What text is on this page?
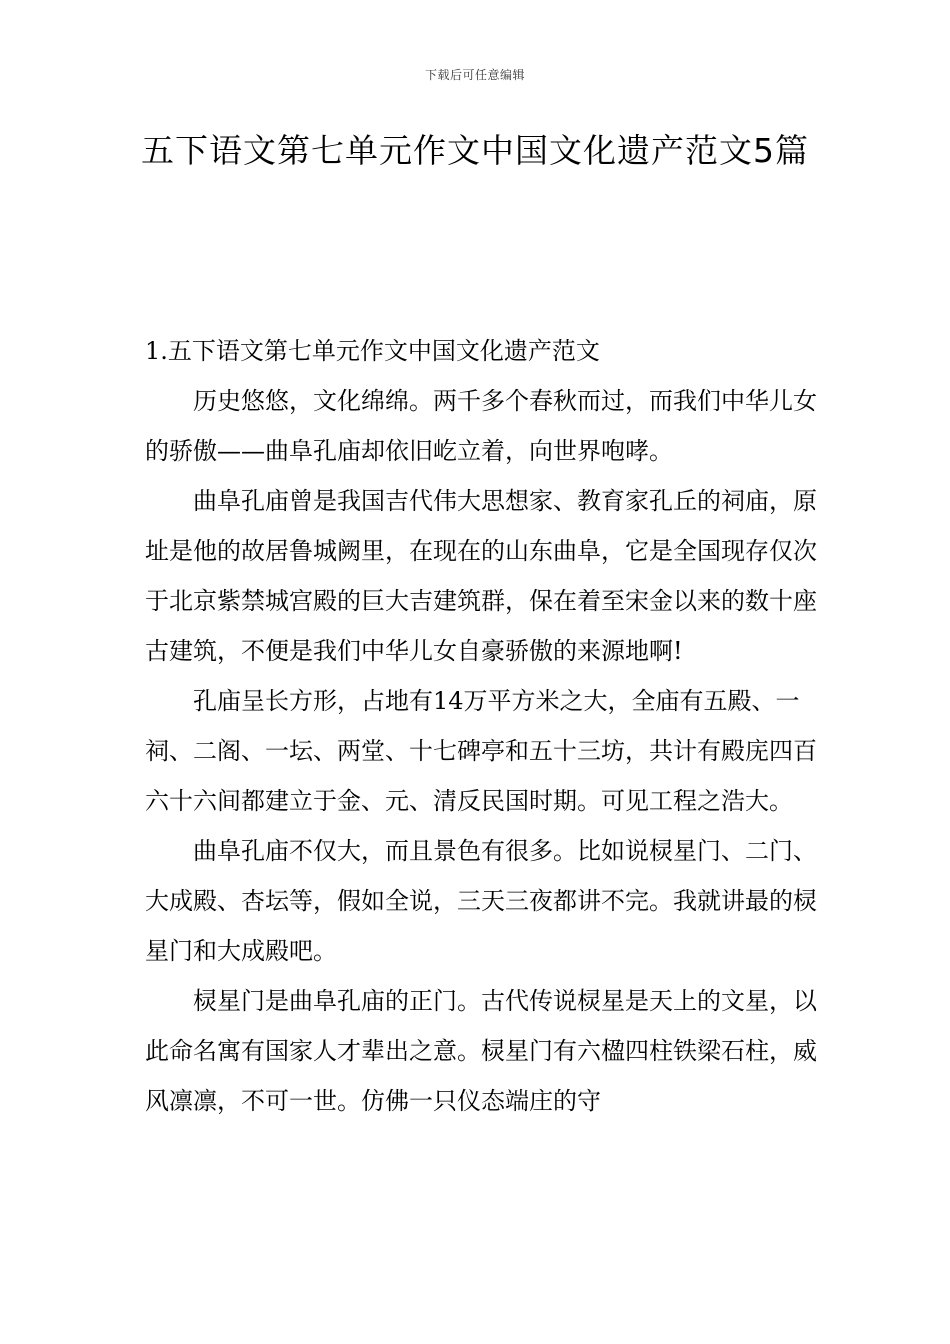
下载后可任意编辑
五下语文第七单元作文中国文化遗产范文5篇

1.五下语文第七单元作文中国文化遗产范文

历史悠悠，文化绵绵。两千多个春秋而过，而我们中华儿女的骄傲——曲阜孔庙却依旧屹立着，向世界咆哮。

曲阜孔庙曾是我国吉代伟大思想家、教育家孔丘的祠庙，原址是他的故居鲁城阙里，在现在的山东曲阜，它是全国现存仅次于北京紫禁城宫殿的巨大吉建筑群，保在着至宋金以来的数十座古建筑，不便是我们中华儿女自豪骄傲的来源地啊!

孔庙呈长方形，占地有14万平方米之大，全庙有五殿、一祠、二阁、一坛、两堂、十七碑亭和五十三坊，共计有殿庑四百六十六间都建立于金、元、清反民国时期。可见工程之浩大。

曲阜孔庙不仅大，而且景色有很多。比如说棂星门、二门、大成殿、杏坛等，假如全说，三天三夜都讲不完。我就讲最的棂星门和大成殿吧。

棂星门是曲阜孔庙的正门。古代传说棂星是天上的文星，以此命名寓有国家人才辈出之意。棂星门有六楹四柱铁梁石柱，威风凛凛，不可一世。仿佛一只仪态端庄的守
